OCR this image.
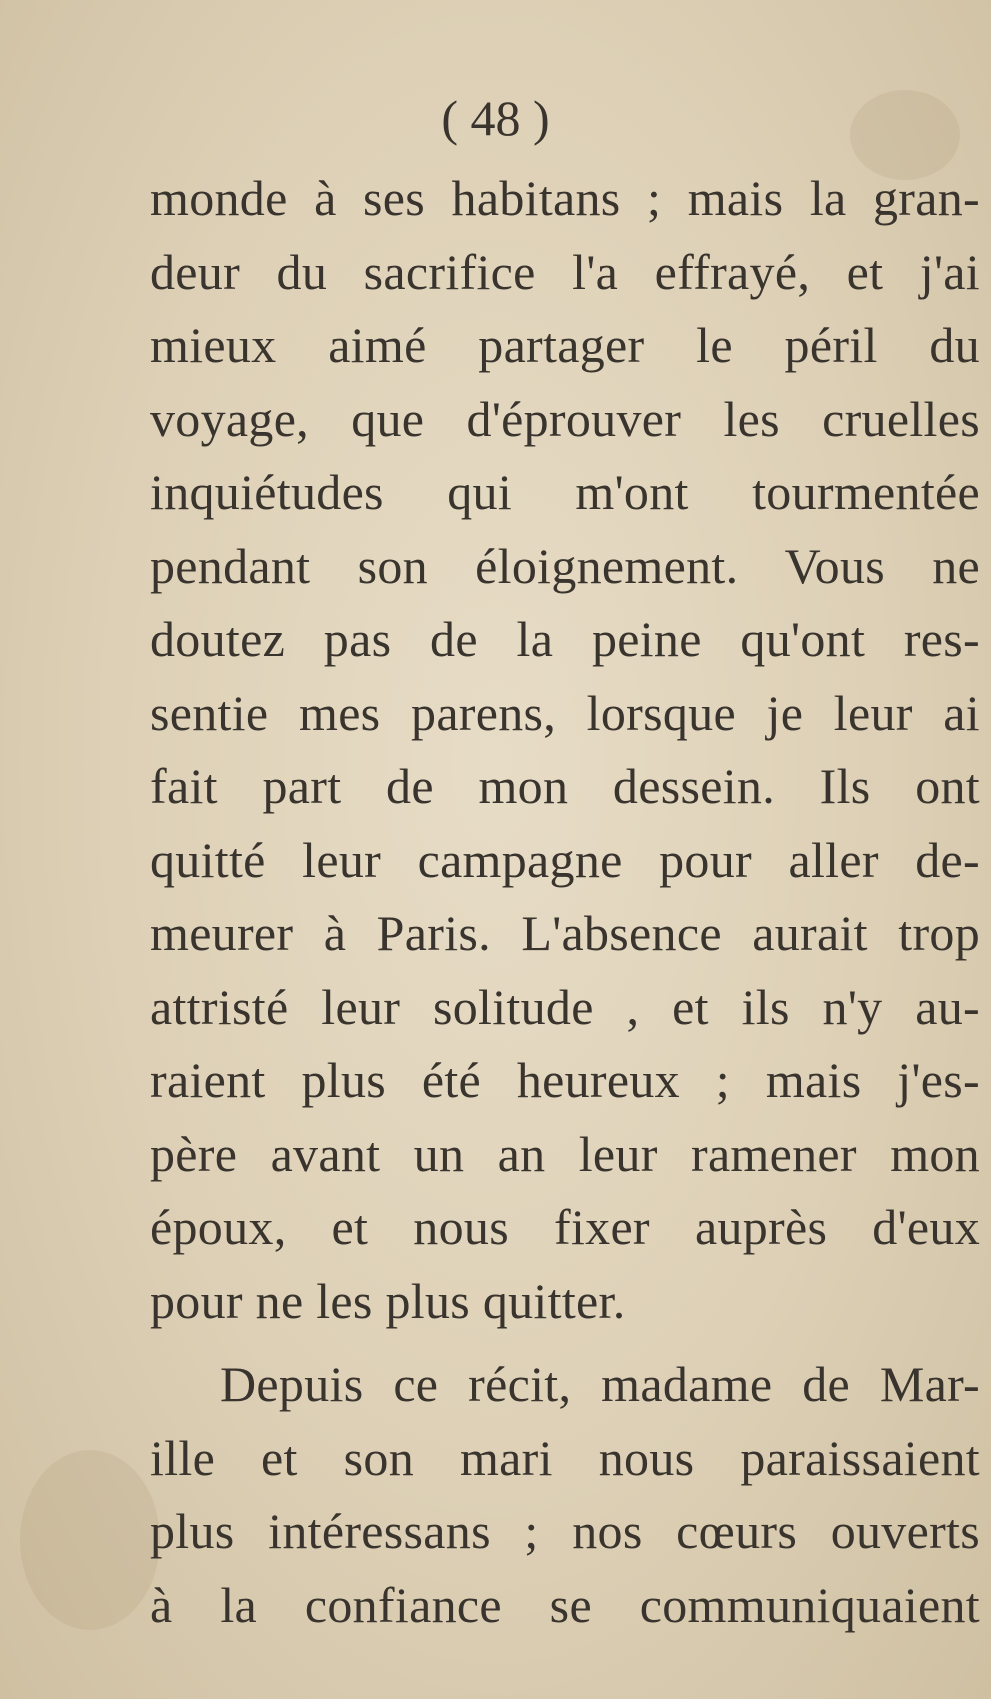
( 48 )
monde à ses habitans ; mais la gran-
deur du sacrifice l'a effrayé, et j'ai
mieux aimé partager le péril du
voyage, que d'éprouver les cruelles
inquiétudes qui m'ont tourmentée
pendant son éloignement. Vous ne
doutez pas de la peine qu'ont res-
sentie mes parens, lorsque je leur ai
fait part de mon dessein. Ils ont
quitté leur campagne pour aller de-
meurer à Paris. L'absence aurait trop
attristé leur solitude , et ils n'y au-
raient plus été heureux ; mais j'es-
père avant un an leur ramener mon
époux, et nous fixer auprès d'eux
pour ne les plus quitter.
Depuis ce récit, madame de Mar-
ille et son mari nous paraissaient
plus intéressans ; nos cœurs ouverts
à la confiance se communiquaient
